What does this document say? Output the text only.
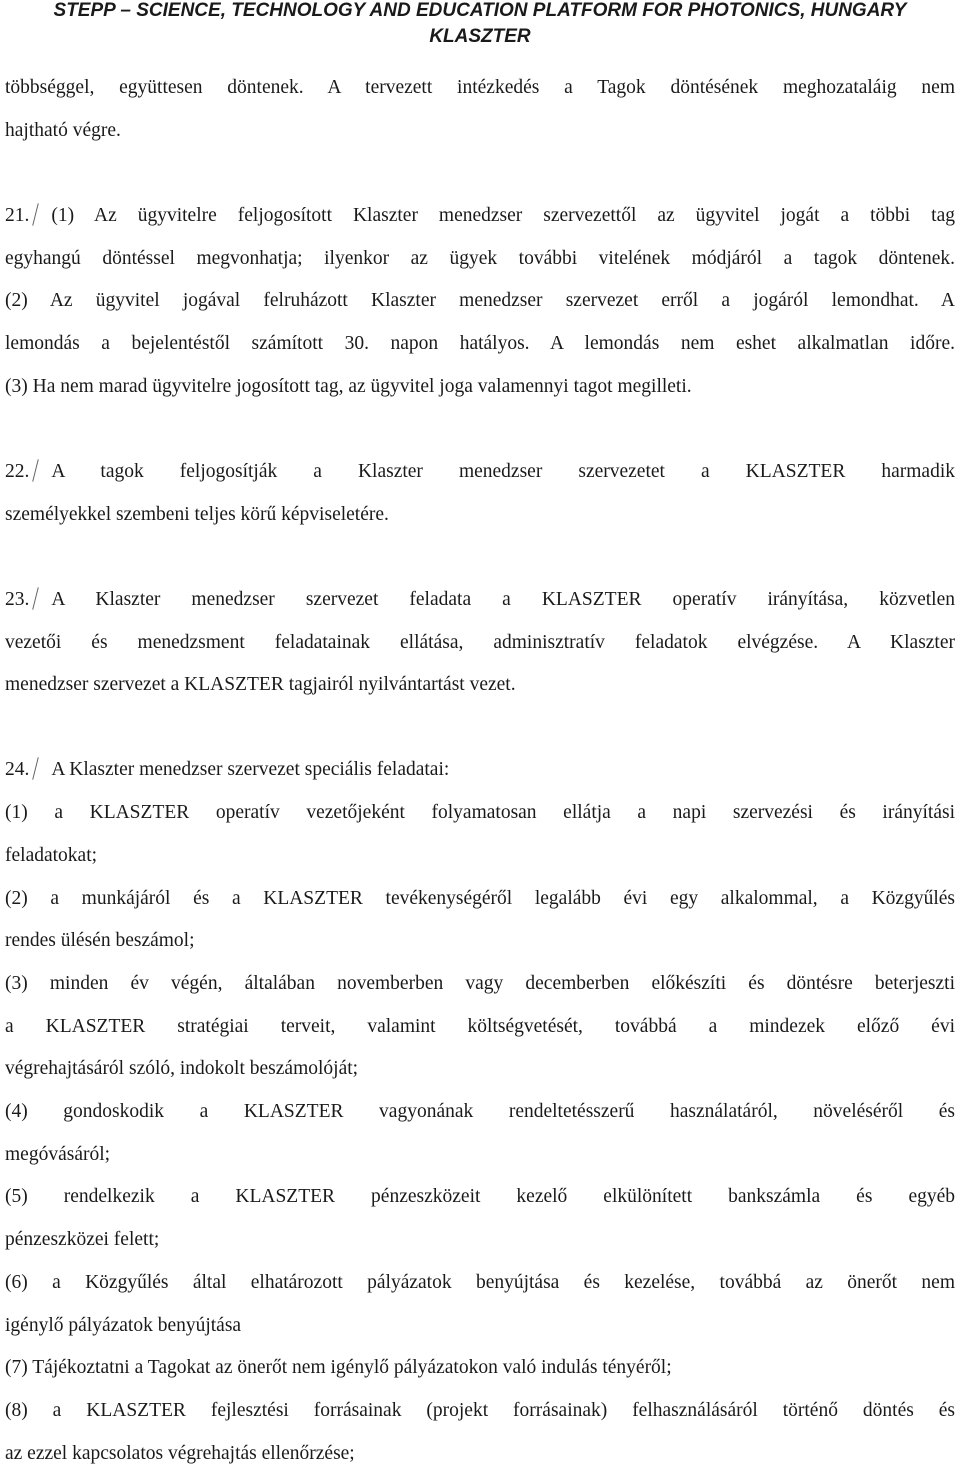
STEPP – SCIENCE, TECHNOLOGY AND EDUCATION PLATFORM FOR PHOTONICS, HUNGARY
KLASZTER

többséggel, együttesen döntenek. A tervezett intézkedés a Tagok döntésének meghozataláig nem

hajtható végre.

21. (1) Az ügyvitelre feljogosított Klaszter menedzser szervezettől az ügyvitel jogát a többi tag

egyhangú döntéssel megvonhatja; ilyenkor az ügyek további vitelének módjáról a tagok döntenek.

(2) Az ügyvitel jogával felruházott Klaszter menedzser szervezet erről a jogáról lemondhat. A

lemondás a bejelentéstől számított 30. napon hatályos. A lemondás nem eshet alkalmatlan időre.

(3) Ha nem marad ügyvitelre jogosított tag, az ügyvitel joga valamennyi tagot megilleti.

22. A tagok feljogosítják a Klaszter menedzser szervezetet a KLASZTER harmadik

személyekkel szembeni teljes körű képviseletére.

23. A Klaszter menedzser szervezet feladata a KLASZTER operatív irányítása, közvetlen

vezetői és menedzsment feladatainak ellátása, adminisztratív feladatok elvégzése. A Klaszter

menedzser szervezet a KLASZTER tagjairól nyilvántartást vezet.

24. A Klaszter menedzser szervezet speciális feladatai:

(1) a KLASZTER operatív vezetőjeként folyamatosan ellátja a napi szervezési és irányítási

feladatokat;

(2) a munkájáról és a KLASZTER tevékenységéről legalább évi egy alkalommal, a Közgyűlés

rendes ülésén beszámol;

(3) minden év végén, általában novemberben vagy decemberben előkészíti és döntésre beterjeszti

a KLASZTER stratégiai terveit, valamint költségvetését, továbbá a mindezek előző évi

végrehajtásáról szóló, indokolt beszámolóját;

(4) gondoskodik a KLASZTER vagyonának rendeltetésszerű használatáról, növeléséről és

megóvásáról;

(5) rendelkezik a KLASZTER pénzeszközeit kezelő elkülönített bankszámla és egyéb

pénzeszközei felett;

(6) a Közgyűlés által elhatározott pályázatok benyújtása és kezelése, továbbá az önerőt nem

igénylő pályázatok benyújtása

(7) Tájékoztatni a Tagokat az önerőt nem igénylő pályázatokon való indulás tényéről;

(8) a KLASZTER fejlesztési forrásainak (projekt forrásainak) felhasználásáról történő döntés és

az ezzel kapcsolatos végrehajtás ellenőrzése;
